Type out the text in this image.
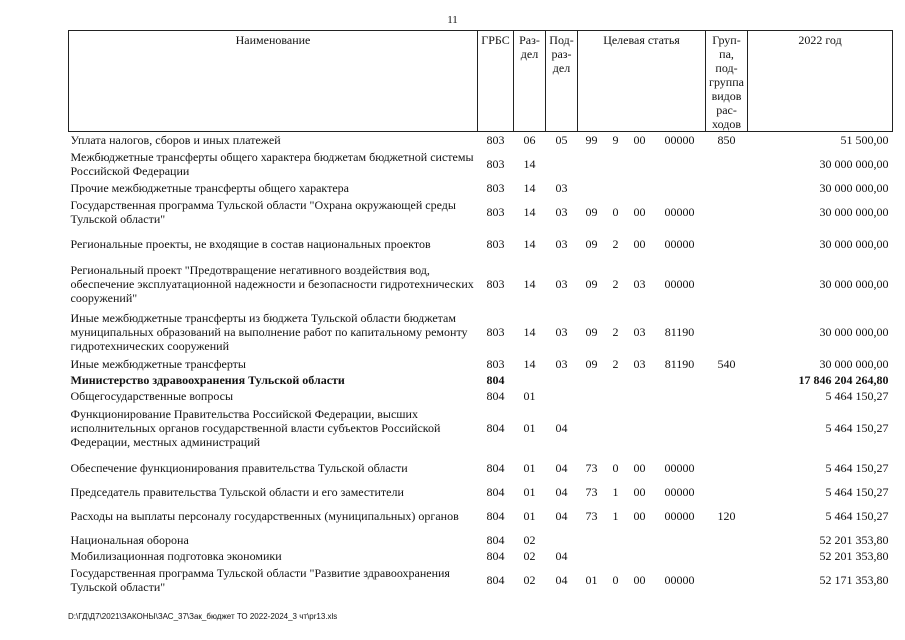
11
Наименование	ГРБС	Раз-дел	Под-раз-дел	Целевая статья				Груп-па, под-группа видов рас-ходов	2022 год
Уплата налогов, сборов и иных платежей	803	06	05	99	9	00	00000	850	51 500,00
Межбюджетные трансферты общего характера бюджетам бюджетной системы Российской Федерации	803	14							30 000 000,00
Прочие межбюджетные трансферты общего характера	803	14	03						30 000 000,00
Государственная программа Тульской области "Охрана окружающей среды Тульской области"	803	14	03	09	0	00	00000		30 000 000,00
Региональные проекты, не входящие в состав национальных проектов	803	14	03	09	2	00	00000		30 000 000,00
Региональный проект "Предотвращение негативного воздействия вод, обеспечение эксплуатационной надежности и безопасности гидротехнических сооружений"	803	14	03	09	2	03	00000		30 000 000,00
Иные межбюджетные трансферты из бюджета Тульской области бюджетам муниципальных образований на выполнение работ по капитальному ремонту гидротехнических сооружений	803	14	03	09	2	03	81190		30 000 000,00
Иные межбюджетные трансферты	803	14	03	09	2	03	81190	540	30 000 000,00
Министерство здравоохранения Тульской области	804								17 846 204 264,80
Общегосударственные вопросы	804	01							5 464 150,27
Функционирование Правительства Российской Федерации, высших исполнительных органов государственной власти субъектов Российской Федерации, местных администраций	804	01	04						5 464 150,27
Обеспечение функционирования правительства Тульской области	804	01	04	73	0	00	00000		5 464 150,27
Председатель правительства Тульской области и его заместители	804	01	04	73	1	00	00000		5 464 150,27
Расходы на выплаты персоналу государственных (муниципальных) органов	804	01	04	73	1	00	00000	120	5 464 150,27
Национальная оборона	804	02							52 201 353,80
Мобилизационная подготовка экономики	804	02	04						52 201 353,80
Государственная программа Тульской области "Развитие здравоохранения Тульской области"	804	02	04	01	0	00	00000		52 171 353,80
D:\ГД\Д7\2021\ЗАКОНЫ\ЗАС_37\Зак_бюджет ТО 2022-2024_3 чт\pr13.xls
